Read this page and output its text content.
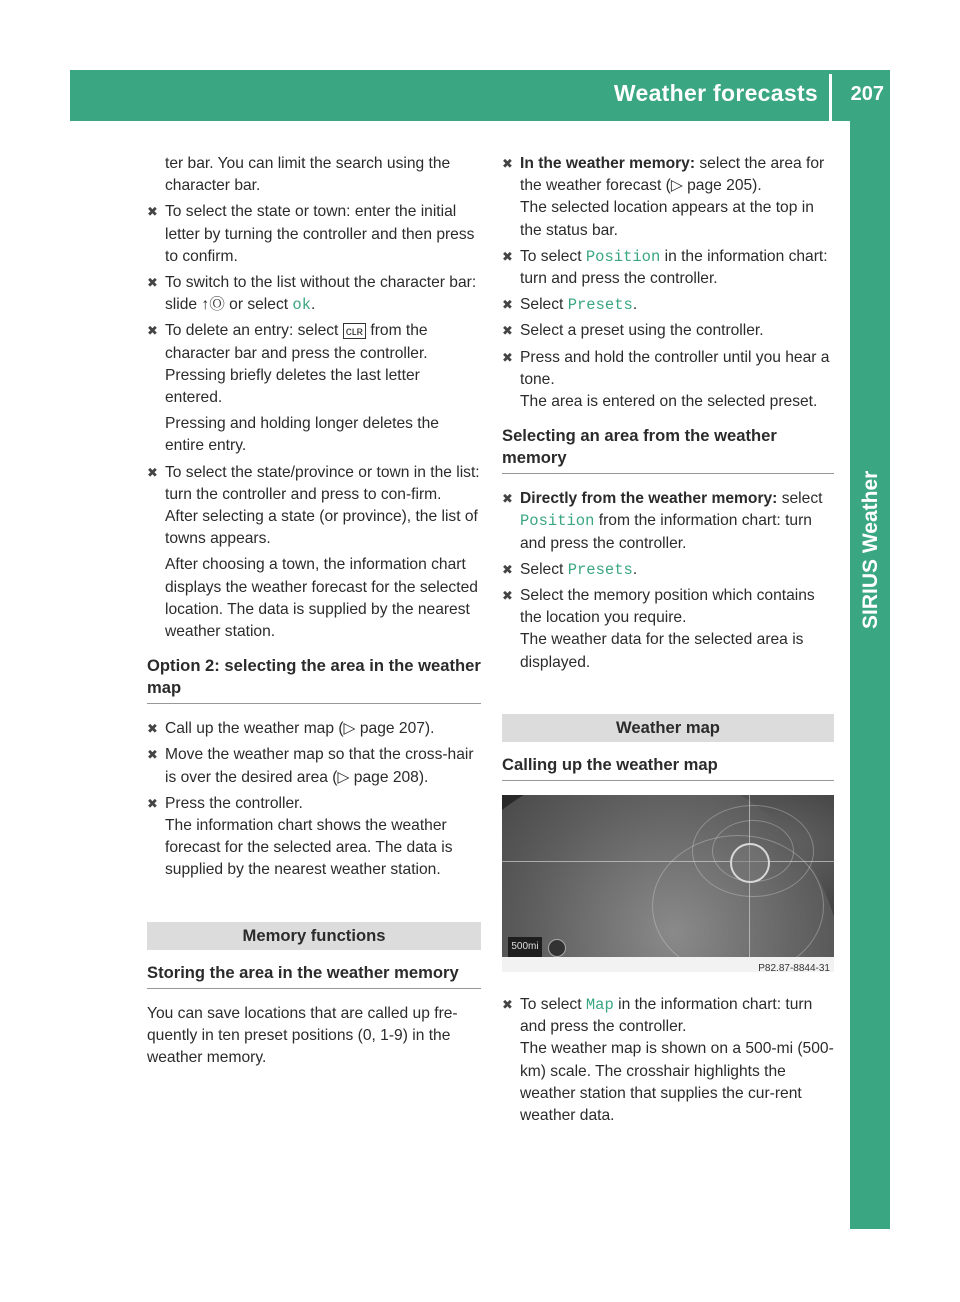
Weather forecasts 207
SIRIUS Weather
ter bar. You can limit the search using the character bar.
✖︎ To select the state or town: enter the initial letter by turning the controller and then press to confirm.
✖︎ To switch to the list without the character bar: slide ↑Ⓞ or select ok.
✖︎ To delete an entry: select ᴄʟʀ from the character bar and press the controller.
Pressing briefly deletes the last letter entered.
Pressing and holding longer deletes the entire entry.
✖︎ To select the state/province or town in the list: turn the controller and press to con-firm.
After selecting a state (or province), the list of towns appears.
After choosing a town, the information chart displays the weather forecast for the selected location. The data is supplied by the nearest weather station.
Option 2: selecting the area in the weather map
✖︎ Call up the weather map (▷ page 207).
✖︎ Move the weather map so that the cross-hair is over the desired area (▷ page 208).
✖︎ Press the controller.
The information chart shows the weather forecast for the selected area. The data is supplied by the nearest weather station.
Memory functions
Storing the area in the weather memory
You can save locations that are called up fre-quently in ten preset positions (0, 1-9) in the weather memory.
✖︎ In the weather memory: select the area for the weather forecast (▷ page 205).
The selected location appears at the top in the status bar.
✖︎ To select Position in the information chart: turn and press the controller.
✖︎ Select Presets.
✖︎ Select a preset using the controller.
✖︎ Press and hold the controller until you hear a tone.
The area is entered on the selected preset.
Selecting an area from the weather memory
✖︎ Directly from the weather memory: select Position from the information chart: turn and press the controller.
✖︎ Select Presets.
✖︎ Select the memory position which contains the location you require.
The weather data for the selected area is displayed.
Weather map
Calling up the weather map
500mi
P82.87-8844-31
✖︎ To select Map in the information chart: turn and press the controller.
The weather map is shown on a 500-mi (500-km) scale. The crosshair highlights the weather station that supplies the cur-rent weather data.
